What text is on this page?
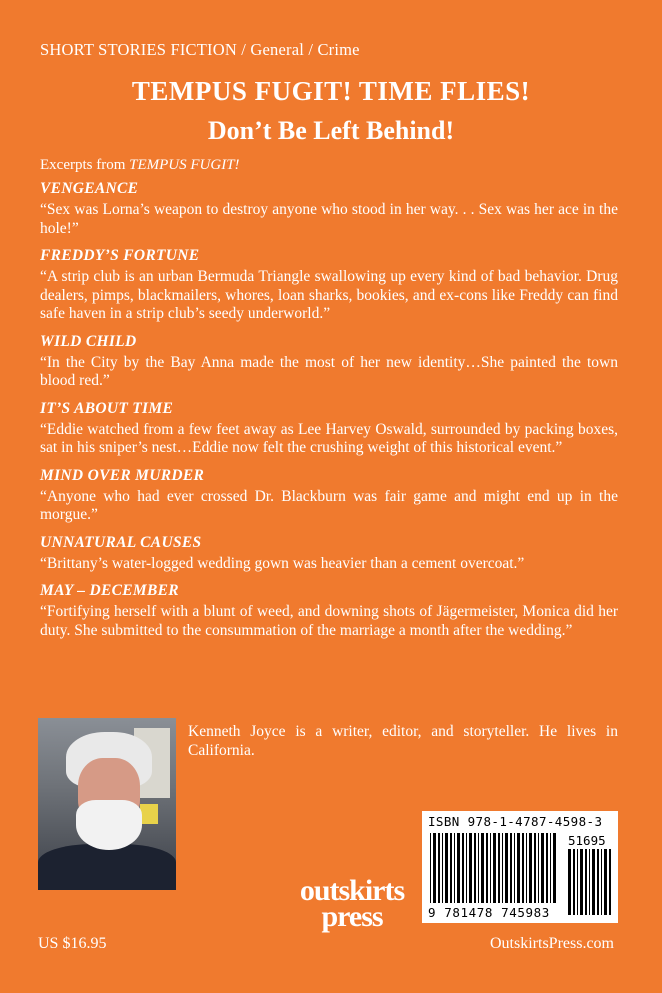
SHORT STORIES FICTION / General / Crime
TEMPUS FUGIT! TIME FLIES!
Don’t Be Left Behind!
Excerpts from TEMPUS FUGIT!
VENGEANCE
“Sex was Lorna’s weapon to destroy anyone who stood in her way. . . Sex was her ace in the hole!”
FREDDY’S FORTUNE
“A strip club is an urban Bermuda Triangle swallowing up every kind of bad behavior. Drug dealers, pimps, blackmailers, whores, loan sharks, bookies, and ex-cons like Freddy can find safe haven in a strip club’s seedy underworld.”
WILD CHILD
“In the City by the Bay Anna made the most of her new identity…She painted the town blood red.”
IT’S ABOUT TIME
“Eddie watched from a few feet away as Lee Harvey Oswald, surrounded by packing boxes, sat in his sniper’s nest…Eddie now felt the crushing weight of this historical event.”
MIND OVER MURDER
“Anyone who had ever crossed Dr. Blackburn was fair game and might end up in the morgue.”
UNNATURAL CAUSES
“Brittany’s water-logged wedding gown was heavier than a cement overcoat.”
MAY – DECEMBER
“Fortifying herself with a blunt of weed, and downing shots of Jägermeister, Monica did her duty. She submitted to the consummation of the marriage a month after the wedding.”
Kenneth Joyce is a writer, editor, and storyteller. He lives in California.
ISBN 978-1-4787-4598-3
51695
9 781478 745983
outskirts
press
US $16.95	OutskirtsPress.com
